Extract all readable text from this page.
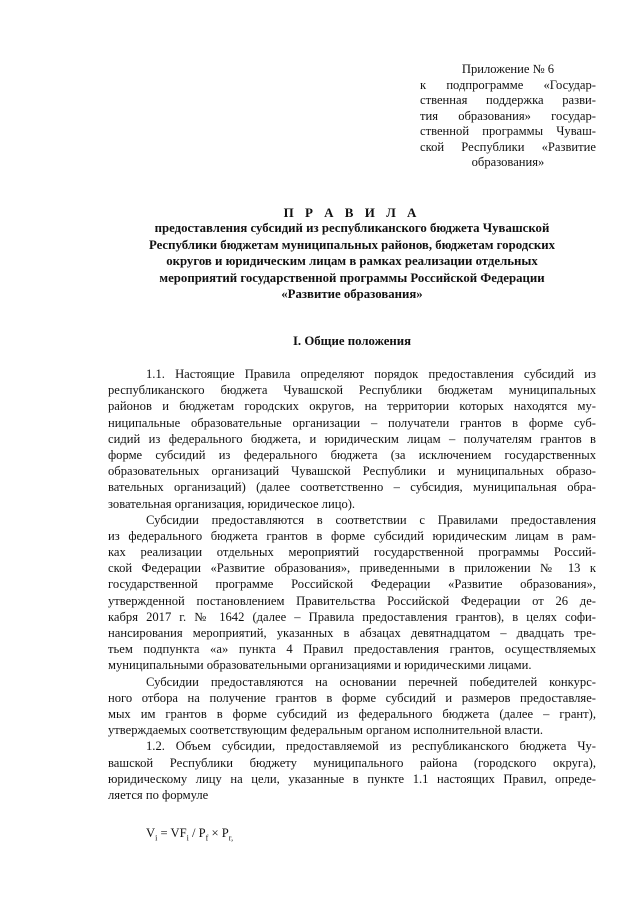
Приложение № 6
к подпрограмме «Государ-
ственная поддержка разви-
тия образования» государ-
ственной программы Чуваш-
ской Республики «Развитие
образования»
П Р А В И Л А
предоставления субсидий из республиканского бюджета Чувашской
Республики бюджетам муниципальных районов, бюджетам городских
округов и юридическим лицам в рамках реализации отдельных
мероприятий государственной программы Российской Федерации
«Развитие образования»
I. Общие положения
1.1. Настоящие Правила определяют порядок предоставления субсидий из
республиканского бюджета Чувашской Республики бюджетам муниципальных
районов и бюджетам городских округов, на территории которых находятся му-
ниципальные образовательные организации – получатели грантов в форме суб-
сидий из федерального бюджета, и юридическим лицам – получателям грантов в
форме субсидий из федерального бюджета (за исключением государственных
образовательных организаций Чувашской Республики и муниципальных образо-
вательных организаций) (далее соответственно – субсидия, муниципальная обра-
зовательная организация, юридическое лицо).
Субсидии предоставляются в соответствии с Правилами предоставления
из федерального бюджета грантов в форме субсидий юридическим лицам в рам-
ках реализации отдельных мероприятий государственной программы Россий-
ской Федерации «Развитие образования», приведенными в приложении № 13 к
государственной программе Российской Федерации «Развитие образования»,
утвержденной постановлением Правительства Российской Федерации от 26 де-
кабря 2017 г. № 1642 (далее – Правила предоставления грантов), в целях софи-
нансирования мероприятий, указанных в абзацах девятнадцатом – двадцать тре-
тьем подпункта «а» пункта 4 Правил предоставления грантов, осуществляемых
муниципальными образовательными организациями и юридическими лицами.
Субсидии предоставляются на основании перечней победителей конкурс-
ного отбора на получение грантов в форме субсидий и размеров предоставляе-
мых им грантов в форме субсидий из федерального бюджета (далее – грант),
утверждаемых соответствующим федеральным органом исполнительной власти.
1.2. Объем субсидии, предоставляемой из республиканского бюджета Чу-
вашской Республики бюджету муниципального района (городского округа),
юридическому лицу на цели, указанные в пункте 1.1 настоящих Правил, опреде-
ляется по формуле
$V_i = VF_i / P_f \times P_{r,}$
